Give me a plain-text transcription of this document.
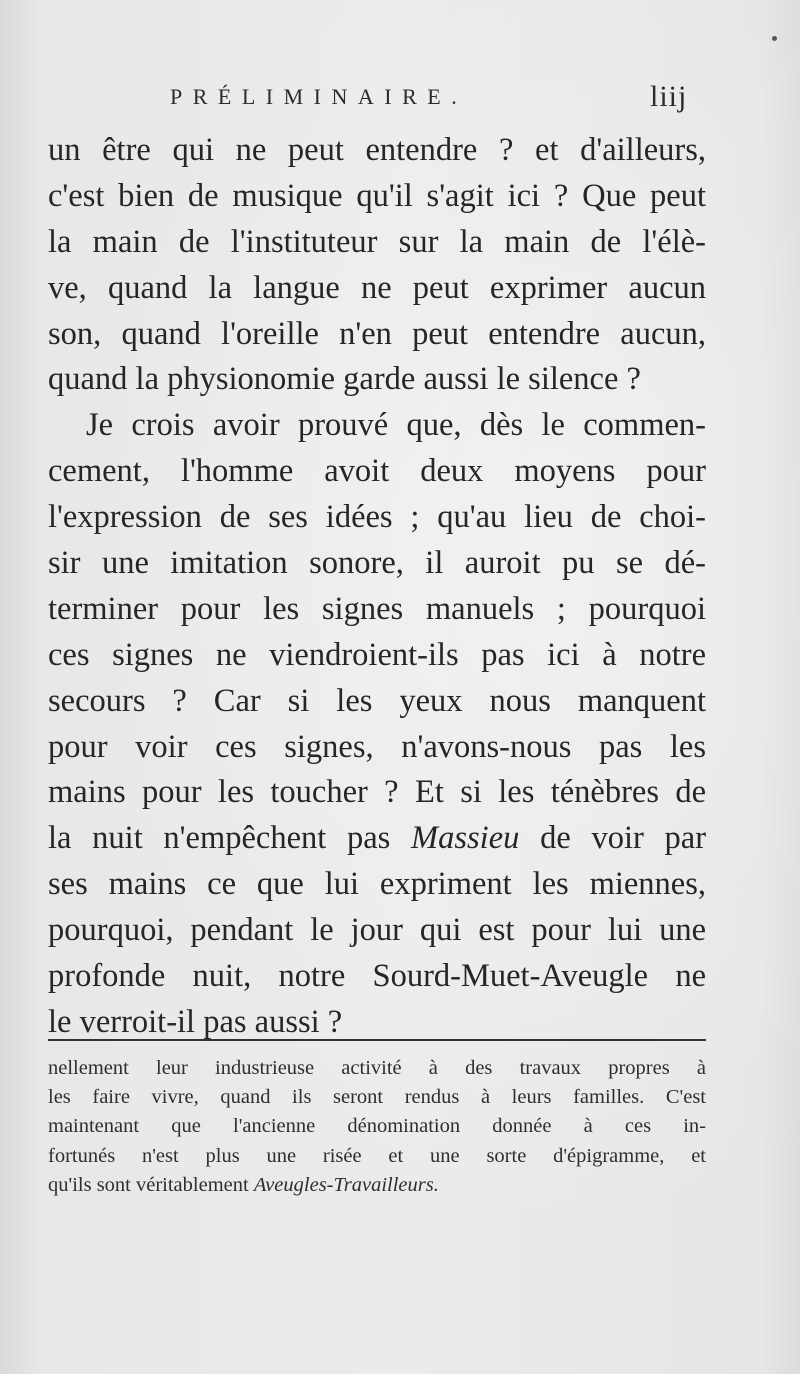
PRÉLIMINAIRE.	liij
un être qui ne peut entendre ? et d'ailleurs,
c'est bien de musique qu'il s'agit ici ? Que peut
la main de l'instituteur sur la main de l'élè-
ve, quand la langue ne peut exprimer aucun
son, quand l'oreille n'en peut entendre aucun,
quand la physionomie garde aussi le silence ?
Je crois avoir prouvé que, dès le commen-
cement, l'homme avoit deux moyens pour
l'expression de ses idées ; qu'au lieu de choi-
sir une imitation sonore, il auroit pu se dé-
terminer pour les signes manuels ; pourquoi
ces signes ne viendroient-ils pas ici à notre
secours ? Car si les yeux nous manquent
pour voir ces signes, n'avons-nous pas les
mains pour les toucher ? Et si les ténèbres de
la nuit n'empêchent pas Massieu de voir par
ses mains ce que lui expriment les miennes,
pourquoi, pendant le jour qui est pour lui une
profonde nuit, notre Sourd-Muet-Aveugle ne
le verroit-il pas aussi ?
nellement leur industrieuse activité à des travaux propres à
les faire vivre, quand ils seront rendus à leurs familles. C'est
maintenant que l'ancienne dénomination donnée à ces in-
fortunés n'est plus une risée et une sorte d'épigramme, et
qu'ils sont véritablement Aveugles-Travailleurs.
